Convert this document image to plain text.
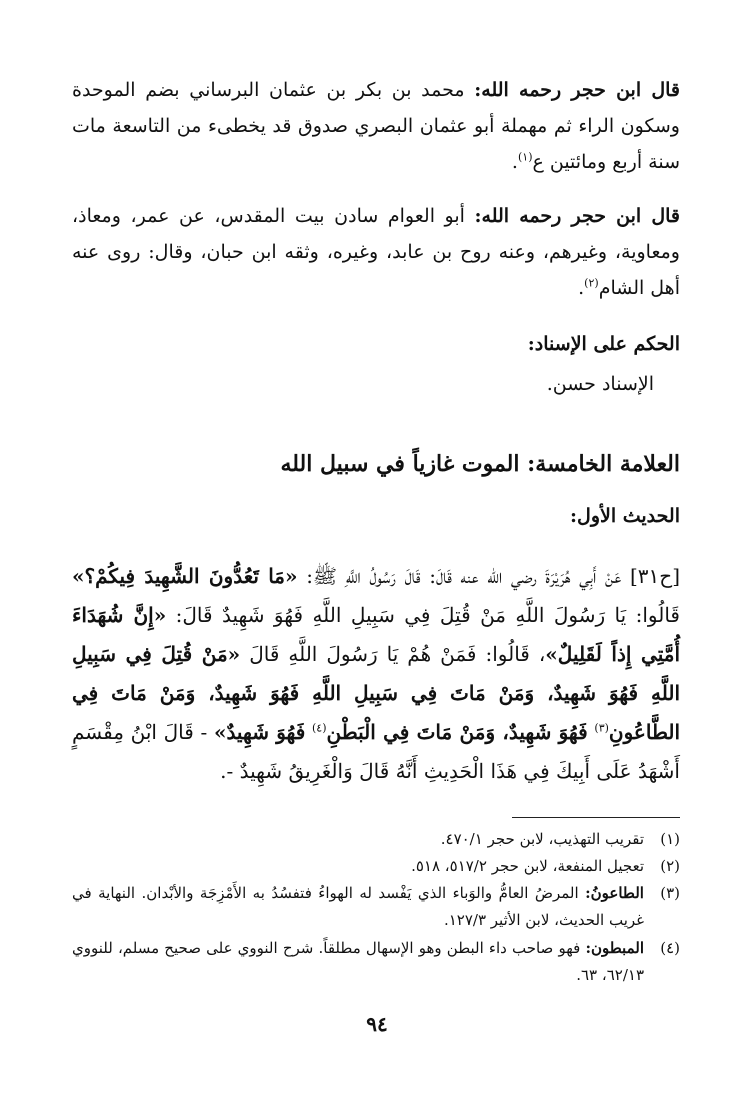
قال ابن حجر رحمه الله: محمد بن بكر بن عثمان البرساني بضم الموحدة وسكون الراء ثم مهملة أبو عثمان البصري صدوق قد يخطىء من التاسعة مات سنة أربع ومائتين ع$^{(١)}$.

قال ابن حجر رحمه الله: أبو العوام سادن بيت المقدس، عن عمر، ومعاذ، ومعاوية، وغيرهم، وعنه روح بن عابد، وغيره، وثقه ابن حبان، وقال: روى عنه أهل الشام$^{(٢)}$.

الحكم على الإسناد:
الإسناد حسن.
العلامة الخامسة: الموت غازياً في سبيل الله
الحديث الأول:

[ح٣١] عَنْ أَبِي هُرَيْرَةَ رضي الله عنه قَالَ: قَالَ رَسُولُ اللَّهِ ﷺ: «مَا تَعُدُّونَ الشَّهِيدَ فِيكُمْ؟» قَالُوا: يَا رَسُولَ اللَّهِ مَنْ قُتِلَ فِي سَبِيلِ اللَّهِ فَهُوَ شَهِيدٌ قَالَ: «إِنَّ شُهَدَاءَ أُمَّتِي إِذاً لَقَلِيلٌ»، قَالُوا: فَمَنْ هُمْ يَا رَسُولَ اللَّهِ قَالَ «مَنْ قُتِلَ فِي سَبِيلِ اللَّهِ فَهُوَ شَهِيدٌ، وَمَنْ مَاتَ فِي سَبِيلِ اللَّهِ فَهُوَ شَهِيدٌ، وَمَنْ مَاتَ فِي الطَّاعُونِ$^{(٣)}$ فَهُوَ شَهِيدٌ، وَمَنْ مَاتَ فِي الْبَطْنِ$^{(٤)}$ فَهُوَ شَهِيدٌ» - قَالَ ابْنُ مِقْسَمٍ أَشْهَدُ عَلَى أَبِيكَ فِي هَذَا الْحَدِيثِ أَنَّهُ قَالَ وَالْغَرِيقُ شَهِيدٌ -.

(١)
تقريب التهذيب، لابن حجر ٤٧٠/١.
(٢)
تعجيل المنفعة، لابن حجر ٥١٧/٢، ٥١٨.
(٣)
الطاعونُ: المرضُ العامُّ والوَباء الذي يَفْسد له الهواءُ فتفسُدُ به الأَمْزِجَة والأبْدان. النهاية في غريب الحديث، لابن الأثير ١٢٧/٣.
(٤)
المبطون: فهو صاحب داء البطن وهو الإسهال مطلقاً. شرح النووي على صحيح مسلم، للنووي ٦٢/١٣، ٦٣.
٩٤
